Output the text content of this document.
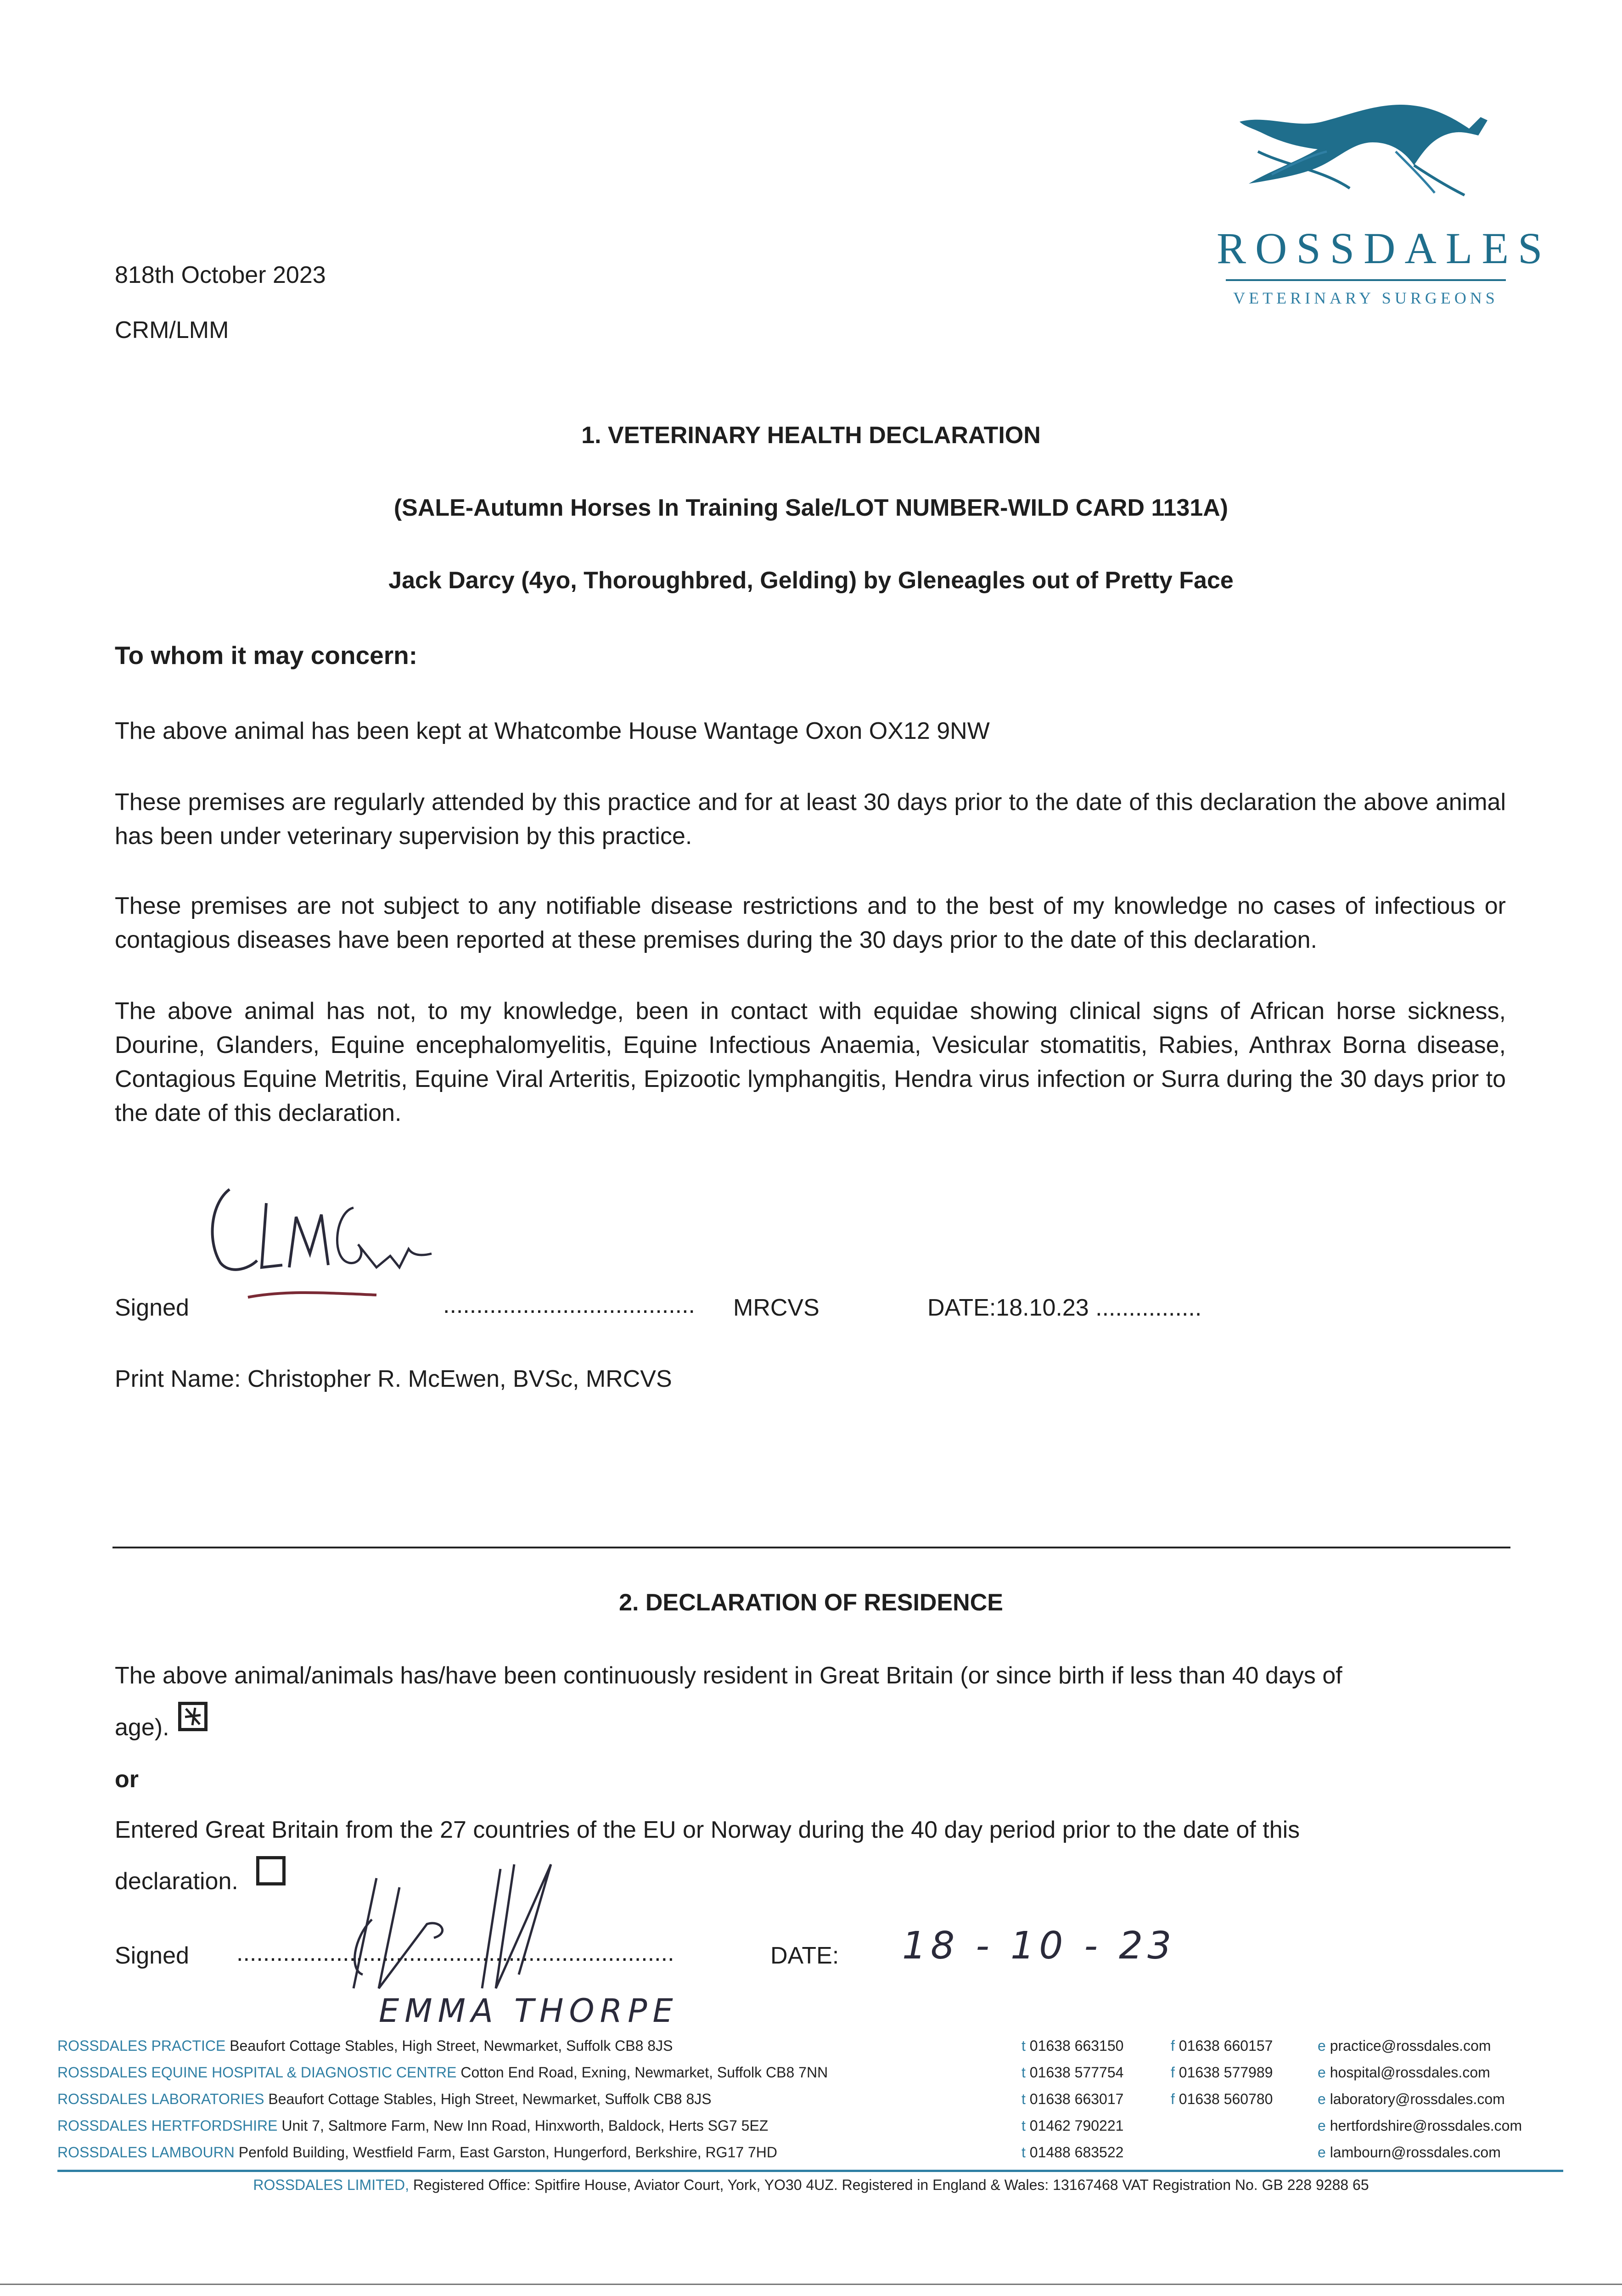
ROSSDALES
VETERINARY SURGEONS
818th October 2023
CRM/LMM
1. VETERINARY HEALTH DECLARATION
(SALE-Autumn Horses In Training Sale/LOT NUMBER-WILD CARD 1131A)
Jack Darcy (4yo, Thoroughbred, Gelding) by Gleneagles out of Pretty Face
To whom it may concern:
The above animal has been kept at Whatcombe House Wantage Oxon OX12 9NW
These premises are regularly attended by this practice and for at least 30 days prior to the date of this declaration the above animal has been under veterinary supervision by this practice.
These premises are not subject to any notifiable disease restrictions and to the best of my knowledge no cases of infectious or contagious diseases have been reported at these premises during the 30 days prior to the date of this declaration.
The above animal has not, to my knowledge, been in contact with equidae showing clinical signs of African horse sickness, Dourine, Glanders, Equine encephalomyelitis, Equine Infectious Anaemia, Vesicular stomatitis, Rabies, Anthrax Borna disease, Contagious Equine Metritis, Equine Viral Arteritis, Epizootic lymphangitis, Hendra virus infection or Surra during the 30 days prior to the date of this declaration.
Signed	...................................... MRCVS	DATE:18.10.23 ................
Print Name: Christopher R. McEwen, BVSc, MRCVS
2. DECLARATION OF RESIDENCE
The above animal/animals has/have been continuously resident in Great Britain (or since birth if less than 40 days of
age).
or
Entered Great Britain from the 27 countries of the EU or Norway during the 40 day period prior to the date of this
declaration.
Signed ..................................................................	DATE: 18 - 10 - 23
EMMA THORPE
ROSSDALES PRACTICE Beaufort Cottage Stables, High Street, Newmarket, Suffolk CB8 8JS	t 01638 663150	f 01638 660157	e practice@rossdales.com
ROSSDALES EQUINE HOSPITAL & DIAGNOSTIC CENTRE Cotton End Road, Exning, Newmarket, Suffolk CB8 7NN	t 01638 577754	f 01638 577989	e hospital@rossdales.com
ROSSDALES LABORATORIES Beaufort Cottage Stables, High Street, Newmarket, Suffolk CB8 8JS	t 01638 663017	f 01638 560780	e laboratory@rossdales.com
ROSSDALES HERTFORDSHIRE Unit 7, Saltmore Farm, New Inn Road, Hinxworth, Baldock, Herts SG7 5EZ	t 01462 790221	e hertfordshire@rossdales.com
ROSSDALES LAMBOURN Penfold Building, Westfield Farm, East Garston, Hungerford, Berkshire, RG17 7HD	t 01488 683522	e lambourn@rossdales.com
ROSSDALES LIMITED, Registered Office: Spitfire House, Aviator Court, York, YO30 4UZ. Registered in England & Wales: 13167468 VAT Registration No. GB 228 9288 65
